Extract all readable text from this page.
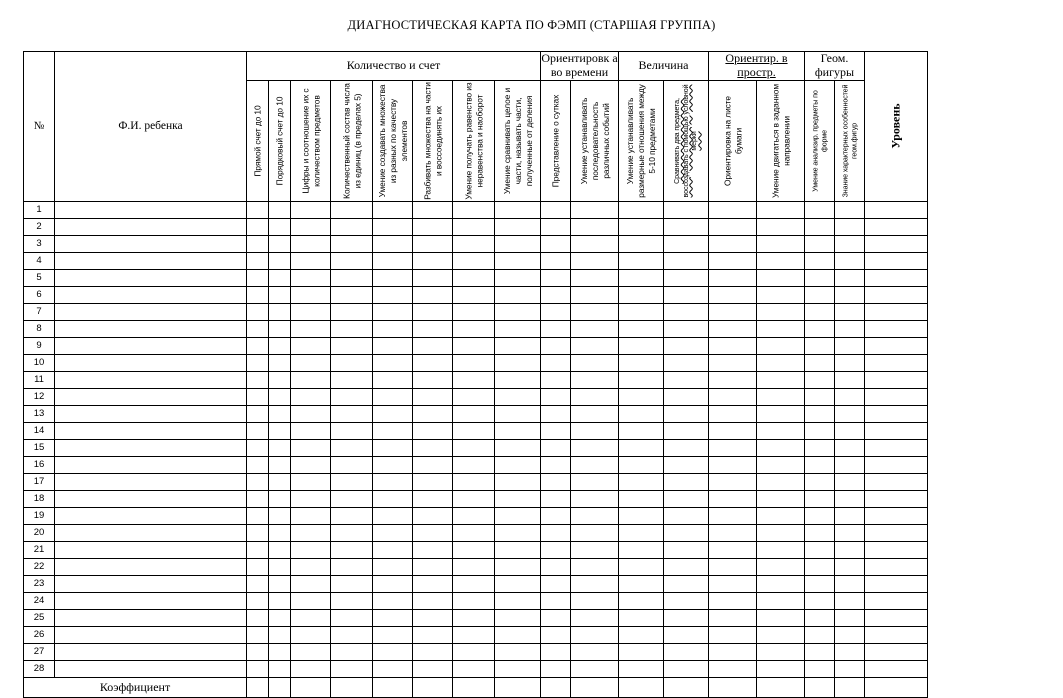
ДИАГНОСТИЧЕСКАЯ КАРТА ПО ФЭМП (СТАРШАЯ ГРУППА)
№	Ф.И. ребенка	Количество и счет								Ориентировк а во времени		Величина		Ориентир. в простр.		Геом. фигуры		Уровень

		Прямой счет до 10	Порядковый счет до 10	Цифры и соотношение их с количеством предметов	Количественный состав числа из единиц (в пределах 5)	Умение создавать множества из разных по качеству элементов	Разбивать множества на части и воссоединять их	Умение получать равенство из неравенства и наоборот	Умение сравнивать целое и части, называть части, полученные от деления	Представление о сутках	Умение устанавливать последовательность различных событий	Умение устанавливать размерные отношения между 5-10 предметами	Сравнивать два предмета, воссоздавать с помощью условной мерки	Ориентировка на листе бумаги	Умение двигаться в заданном направлении	Умение анализир. предметы по форме	Знание характерных особенностей геом.фигур	

1																		
2																		
3																		
4																		
5																		
6																		
7																		
8																		
9																		
10																		
11																		
12																		
13																		
14																		
15																		
16																		
17																		
18																		
19																		
20																		
21																		
22																		
23																		
24																		
25																		
26																		
27																		
28																		
Коэффициент																		
